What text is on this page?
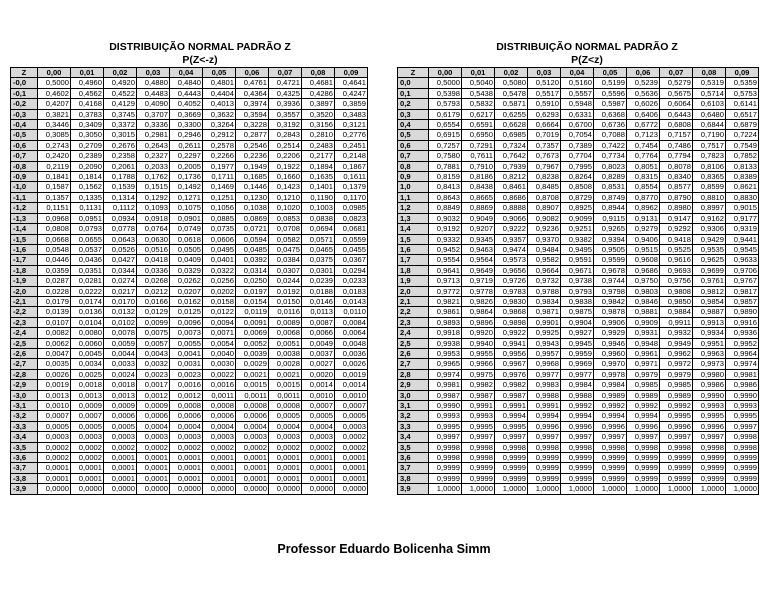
DISTRIBUIÇÃO NORMAL PADRÃO Z
P(Z<-z)
Z	0,00	0,01	0,02	0,03	0,04	0,05	0,06	0,07	0,08	0,09
-0,0	0,5000	0,4960	0,4920	0,4880	0,4840	0,4801	0,4761	0,4721	0,4681	0,4641
-0,1	0,4602	0,4562	0,4522	0,4483	0,4443	0,4404	0,4364	0,4325	0,4286	0,4247
-0,2	0,4207	0,4168	0,4129	0,4090	0,4052	0,4013	0,3974	0,3936	0,3897	0,3859
-0,3	0,3821	0,3783	0,3745	0,3707	0,3669	0,3632	0,3594	0,3557	0,3520	0,3483
-0,4	0,3446	0,3409	0,3372	0,3336	0,3300	0,3264	0,3228	0,3192	0,3156	0,3121
-0,5	0,3085	0,3050	0,3015	0,2981	0,2946	0,2912	0,2877	0,2843	0,2810	0,2776
-0,6	0,2743	0,2709	0,2676	0,2643	0,2611	0,2578	0,2546	0,2514	0,2483	0,2451
-0,7	0,2420	0,2389	0,2358	0,2327	0,2297	0,2266	0,2236	0,2206	0,2177	0,2148
-0,8	0,2119	0,2090	0,2061	0,2033	0,2005	0,1977	0,1949	0,1922	0,1894	0,1867
-0,9	0,1841	0,1814	0,1788	0,1762	0,1736	0,1711	0,1685	0,1660	0,1635	0,1611
-1,0	0,1587	0,1562	0,1539	0,1515	0,1492	0,1469	0,1446	0,1423	0,1401	0,1379
-1,1	0,1357	0,1335	0,1314	0,1292	0,1271	0,1251	0,1230	0,1210	0,1190	0,1170
-1,2	0,1151	0,1131	0,1112	0,1093	0,1075	0,1056	0,1038	0,1020	0,1003	0,0985
-1,3	0,0968	0,0951	0,0934	0,0918	0,0901	0,0885	0,0869	0,0853	0,0838	0,0823
-1,4	0,0808	0,0793	0,0778	0,0764	0,0749	0,0735	0,0721	0,0708	0,0694	0,0681
-1,5	0,0668	0,0655	0,0643	0,0630	0,0618	0,0606	0,0594	0,0582	0,0571	0,0559
-1,6	0,0548	0,0537	0,0526	0,0516	0,0505	0,0495	0,0485	0,0475	0,0465	0,0455
-1,7	0,0446	0,0436	0,0427	0,0418	0,0409	0,0401	0,0392	0,0384	0,0375	0,0367
-1,8	0,0359	0,0351	0,0344	0,0336	0,0329	0,0322	0,0314	0,0307	0,0301	0,0294
-1,9	0,0287	0,0281	0,0274	0,0268	0,0262	0,0256	0,0250	0,0244	0,0239	0,0233
-2,0	0,0228	0,0222	0,0217	0,0212	0,0207	0,0202	0,0197	0,0192	0,0188	0,0183
-2,1	0,0179	0,0174	0,0170	0,0166	0,0162	0,0158	0,0154	0,0150	0,0146	0,0143
-2,2	0,0139	0,0136	0,0132	0,0129	0,0125	0,0122	0,0119	0,0116	0,0113	0,0110
-2,3	0,0107	0,0104	0,0102	0,0099	0,0096	0,0094	0,0091	0,0089	0,0087	0,0084
-2,4	0,0082	0,0080	0,0078	0,0075	0,0073	0,0071	0,0069	0,0068	0,0066	0,0064
-2,5	0,0062	0,0060	0,0059	0,0057	0,0055	0,0054	0,0052	0,0051	0,0049	0,0048
-2,6	0,0047	0,0045	0,0044	0,0043	0,0041	0,0040	0,0039	0,0038	0,0037	0,0036
-2,7	0,0035	0,0034	0,0033	0,0032	0,0031	0,0030	0,0029	0,0028	0,0027	0,0026
-2,8	0,0026	0,0025	0,0024	0,0023	0,0023	0,0022	0,0021	0,0021	0,0020	0,0019
-2,9	0,0019	0,0018	0,0018	0,0017	0,0016	0,0016	0,0015	0,0015	0,0014	0,0014
-3,0	0,0013	0,0013	0,0013	0,0012	0,0012	0,0011	0,0011	0,0011	0,0010	0,0010
-3,1	0,0010	0,0009	0,0009	0,0009	0,0008	0,0008	0,0008	0,0008	0,0007	0,0007
-3,2	0,0007	0,0007	0,0006	0,0006	0,0006	0,0006	0,0006	0,0005	0,0005	0,0005
-3,3	0,0005	0,0005	0,0005	0,0004	0,0004	0,0004	0,0004	0,0004	0,0004	0,0003
-3,4	0,0003	0,0003	0,0003	0,0003	0,0003	0,0003	0,0003	0,0003	0,0003	0,0002
-3,5	0,0002	0,0002	0,0002	0,0002	0,0002	0,0002	0,0002	0,0002	0,0002	0,0002
-3,6	0,0002	0,0002	0,0001	0,0001	0,0001	0,0001	0,0001	0,0001	0,0001	0,0001
-3,7	0,0001	0,0001	0,0001	0,0001	0,0001	0,0001	0,0001	0,0001	0,0001	0,0001
-3,8	0,0001	0,0001	0,0001	0,0001	0,0001	0,0001	0,0001	0,0001	0,0001	0,0001
-3,9	0,0000	0,0000	0,0000	0,0000	0,0000	0,0000	0,0000	0,0000	0,0000	0,0000
DISTRIBUIÇÃO NORMAL PADRÃO Z
P(Z<z)
Z	0,00	0,01	0,02	0,03	0,04	0,05	0,06	0,07	0,08	0,09
0,0	0,5000	0,5040	0,5080	0,5120	0,5160	0,5199	0,5239	0,5279	0,5319	0,5359
0,1	0,5398	0,5438	0,5478	0,5517	0,5557	0,5596	0,5636	0,5675	0,5714	0,5753
0,2	0,5793	0,5832	0,5871	0,5910	0,5948	0,5987	0,6026	0,6064	0,6103	0,6141
0,3	0,6179	0,6217	0,6255	0,6293	0,6331	0,6368	0,6406	0,6443	0,6480	0,6517
0,4	0,6554	0,6591	0,6628	0,6664	0,6700	0,6736	0,6772	0,6808	0,6844	0,6879
0,5	0,6915	0,6950	0,6985	0,7019	0,7054	0,7088	0,7123	0,7157	0,7190	0,7224
0,6	0,7257	0,7291	0,7324	0,7357	0,7389	0,7422	0,7454	0,7486	0,7517	0,7549
0,7	0,7580	0,7611	0,7642	0,7673	0,7704	0,7734	0,7764	0,7794	0,7823	0,7852
0,8	0,7881	0,7910	0,7939	0,7967	0,7995	0,8023	0,8051	0,8078	0,8106	0,8133
0,9	0,8159	0,8186	0,8212	0,8238	0,8264	0,8289	0,8315	0,8340	0,8365	0,8389
1,0	0,8413	0,8438	0,8461	0,8485	0,8508	0,8531	0,8554	0,8577	0,8599	0,8621
1,1	0,8643	0,8665	0,8686	0,8708	0,8729	0,8749	0,8770	0,8790	0,8810	0,8830
1,2	0,8849	0,8869	0,8888	0,8907	0,8925	0,8944	0,8962	0,8980	0,8997	0,9015
1,3	0,9032	0,9049	0,9066	0,9082	0,9099	0,9115	0,9131	0,9147	0,9162	0,9177
1,4	0,9192	0,9207	0,9222	0,9236	0,9251	0,9265	0,9279	0,9292	0,9306	0,9319
1,5	0,9332	0,9345	0,9357	0,9370	0,9382	0,9394	0,9406	0,9418	0,9429	0,9441
1,6	0,9452	0,9463	0,9474	0,9484	0,9495	0,9505	0,9515	0,9525	0,9535	0,9545
1,7	0,9554	0,9564	0,9573	0,9582	0,9591	0,9599	0,9608	0,9616	0,9625	0,9633
1,8	0,9641	0,9649	0,9656	0,9664	0,9671	0,9678	0,9686	0,9693	0,9699	0,9706
1,9	0,9713	0,9719	0,9726	0,9732	0,9738	0,9744	0,9750	0,9756	0,9761	0,9767
2,0	0,9772	0,9778	0,9783	0,9788	0,9793	0,9798	0,9803	0,9808	0,9812	0,9817
2,1	0,9821	0,9826	0,9830	0,9834	0,9838	0,9842	0,9846	0,9850	0,9854	0,9857
2,2	0,9861	0,9864	0,9868	0,9871	0,9875	0,9878	0,9881	0,9884	0,9887	0,9890
2,3	0,9893	0,9896	0,9898	0,9901	0,9904	0,9906	0,9909	0,9911	0,9913	0,9916
2,4	0,9918	0,9920	0,9922	0,9925	0,9927	0,9929	0,9931	0,9932	0,9934	0,9936
2,5	0,9938	0,9940	0,9941	0,9943	0,9945	0,9946	0,9948	0,9949	0,9951	0,9952
2,6	0,9953	0,9955	0,9956	0,9957	0,9959	0,9960	0,9961	0,9962	0,9963	0,9964
2,7	0,9965	0,9966	0,9967	0,9968	0,9969	0,9970	0,9971	0,9972	0,9973	0,9974
2,8	0,9974	0,9975	0,9976	0,9977	0,9977	0,9978	0,9979	0,9979	0,9980	0,9981
2,9	0,9981	0,9982	0,9982	0,9983	0,9984	0,9984	0,9985	0,9985	0,9986	0,9986
3,0	0,9987	0,9987	0,9987	0,9988	0,9988	0,9989	0,9989	0,9989	0,9990	0,9990
3,1	0,9990	0,9991	0,9991	0,9991	0,9992	0,9992	0,9992	0,9992	0,9993	0,9993
3,2	0,9993	0,9993	0,9994	0,9994	0,9994	0,9994	0,9994	0,9995	0,9995	0,9995
3,3	0,9995	0,9995	0,9995	0,9996	0,9996	0,9996	0,9996	0,9996	0,9996	0,9997
3,4	0,9997	0,9997	0,9997	0,9997	0,9997	0,9997	0,9997	0,9997	0,9997	0,9998
3,5	0,9998	0,9998	0,9998	0,9998	0,9998	0,9998	0,9998	0,9998	0,9998	0,9998
3,6	0,9998	0,9998	0,9999	0,9999	0,9999	0,9999	0,9999	0,9999	0,9999	0,9999
3,7	0,9999	0,9999	0,9999	0,9999	0,9999	0,9999	0,9999	0,9999	0,9999	0,9999
3,8	0,9999	0,9999	0,9999	0,9999	0,9999	0,9999	0,9999	0,9999	0,9999	0,9999
3,9	1,0000	1,0000	1,0000	1,0000	1,0000	1,0000	1,0000	1,0000	1,0000	1,0000
Professor Eduardo Bolicenha Simm
